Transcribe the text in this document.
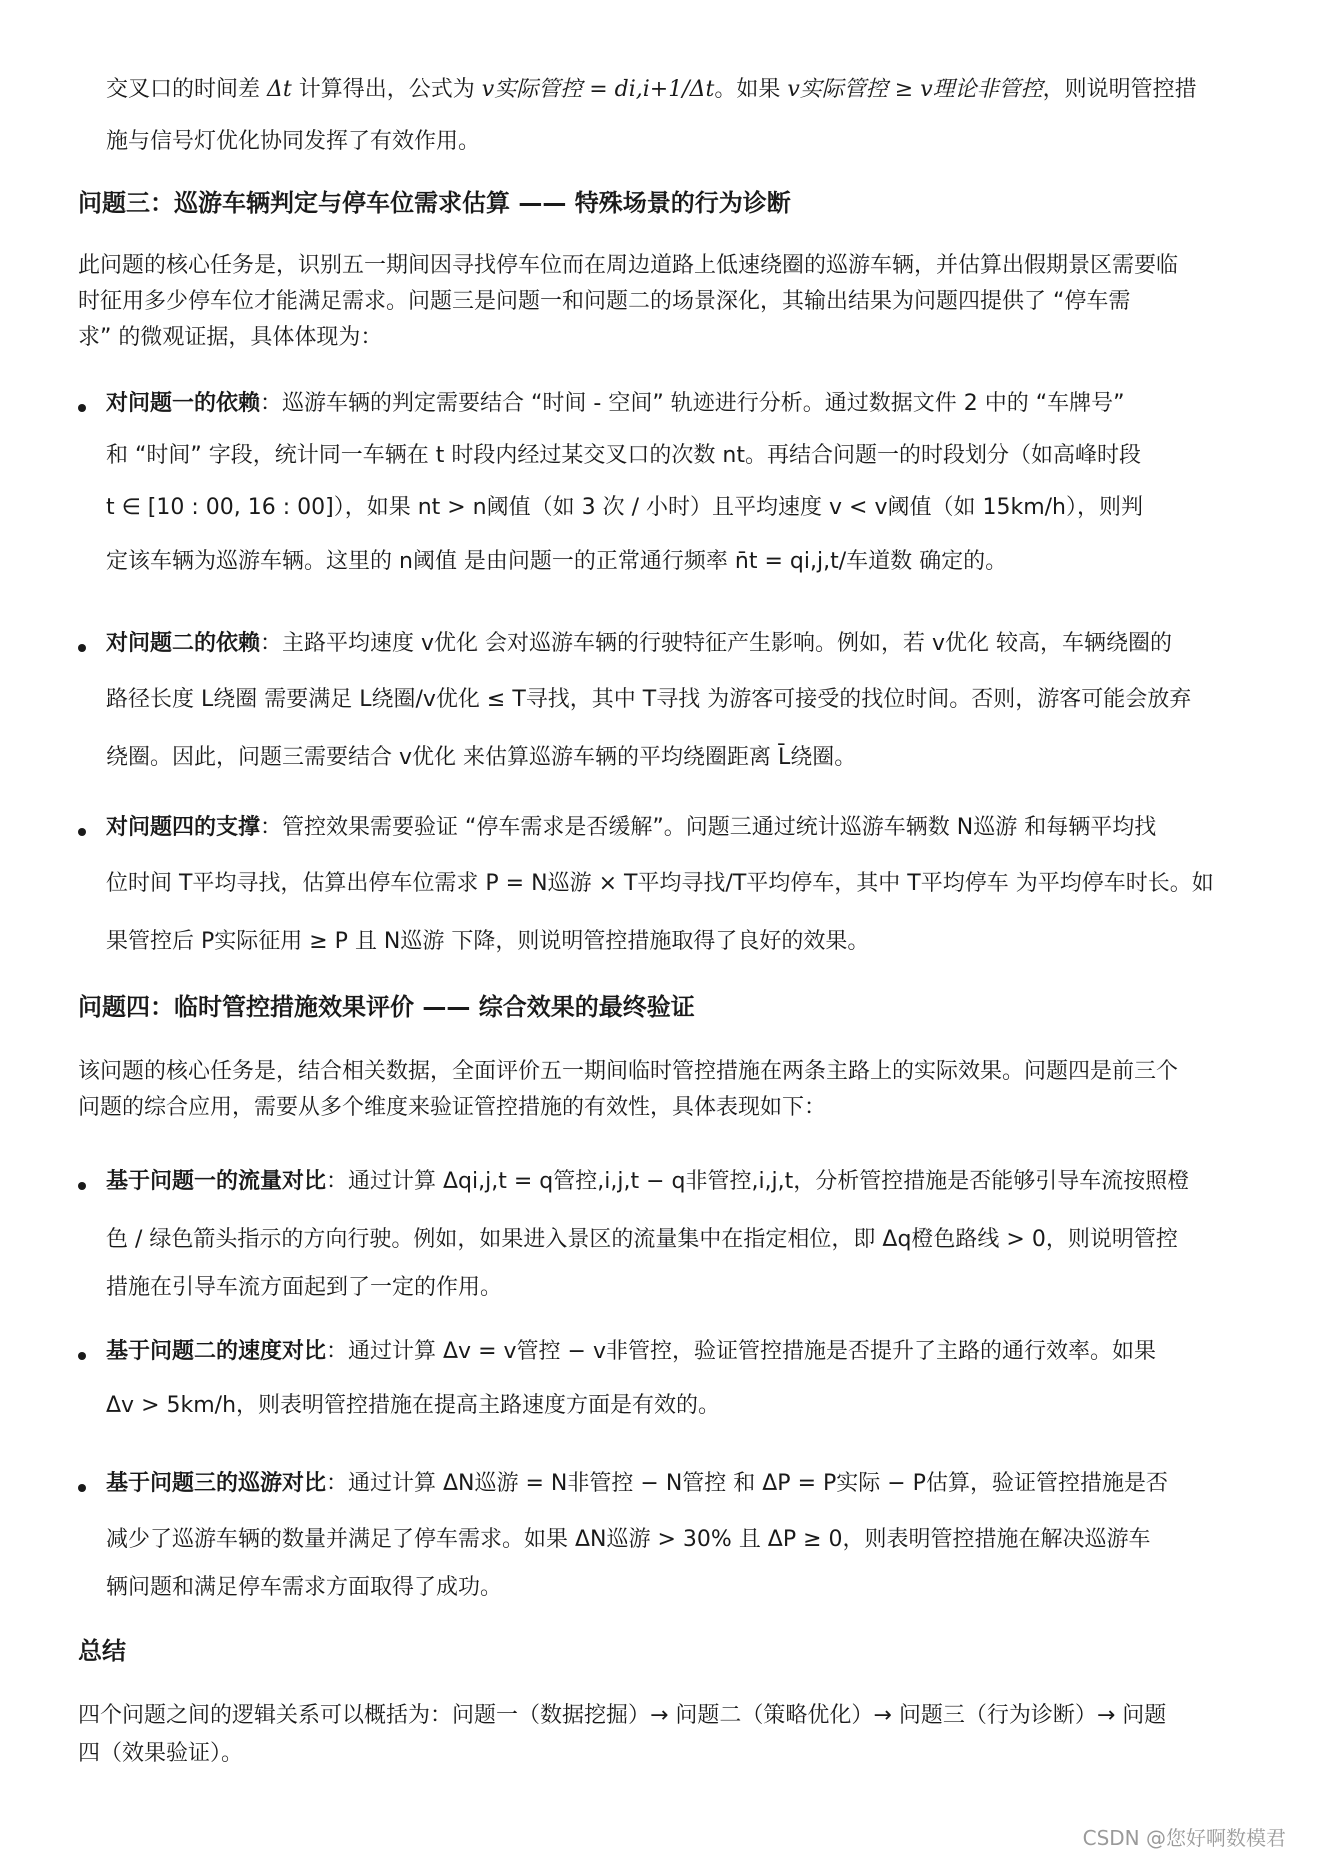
交叉口的时间差 Δt 计算得出，公式为 v实际管控 = di,i+1/Δt。如果 v实际管控 ≥ v理论非管控，则说明管控措

施与信号灯优化协同发挥了有效作用。

问题三：巡游车辆判定与停车位需求估算 —— 特殊场景的行为诊断

此问题的核心任务是，识别五一期间因寻找停车位而在周边道路上低速绕圈的巡游车辆，并估算出假期景区需要临

时征用多少停车位才能满足需求。问题三是问题一和问题二的场景深化，其输出结果为问题四提供了 “停车需

求” 的微观证据，具体体现为：

对问题一的依赖：巡游车辆的判定需要结合 “时间 - 空间” 轨迹进行分析。通过数据文件 2 中的 “车牌号”

和 “时间” 字段，统计同一车辆在 t 时段内经过某交叉口的次数 nt。再结合问题一的时段划分（如高峰时段

t ∈ [10 : 00, 16 : 00]），如果 nt > n阈值（如 3 次 / 小时）且平均速度 v < v阈值（如 15km/h），则判

定该车辆为巡游车辆。这里的 n阈值 是由问题一的正常通行频率 n̄t = qi,j,t/车道数 确定的。

对问题二的依赖：主路平均速度 v优化 会对巡游车辆的行驶特征产生影响。例如，若 v优化 较高，车辆绕圈的

路径长度 L绕圈 需要满足 L绕圈/v优化 ≤ T寻找，其中 T寻找 为游客可接受的找位时间。否则，游客可能会放弃

绕圈。因此，问题三需要结合 v优化 来估算巡游车辆的平均绕圈距离 L̄绕圈。

对问题四的支撑：管控效果需要验证 “停车需求是否缓解”。问题三通过统计巡游车辆数 N巡游 和每辆平均找

位时间 T平均寻找，估算出停车位需求 P = N巡游 × T平均寻找/T平均停车，其中 T平均停车 为平均停车时长。如

果管控后 P实际征用 ≥ P 且 N巡游 下降，则说明管控措施取得了良好的效果。

问题四：临时管控措施效果评价 —— 综合效果的最终验证

该问题的核心任务是，结合相关数据，全面评价五一期间临时管控措施在两条主路上的实际效果。问题四是前三个

问题的综合应用，需要从多个维度来验证管控措施的有效性，具体表现如下：

基于问题一的流量对比：通过计算 Δqi,j,t = q管控,i,j,t − q非管控,i,j,t，分析管控措施是否能够引导车流按照橙

色 / 绿色箭头指示的方向行驶。例如，如果进入景区的流量集中在指定相位，即 Δq橙色路线 > 0，则说明管控

措施在引导车流方面起到了一定的作用。

基于问题二的速度对比：通过计算 Δv = v管控 − v非管控，验证管控措施是否提升了主路的通行效率。如果

Δv > 5km/h，则表明管控措施在提高主路速度方面是有效的。

基于问题三的巡游对比：通过计算 ΔN巡游 = N非管控 − N管控 和 ΔP = P实际 − P估算，验证管控措施是否

减少了巡游车辆的数量并满足了停车需求。如果 ΔN巡游 > 30% 且 ΔP ≥ 0，则表明管控措施在解决巡游车

辆问题和满足停车需求方面取得了成功。

总结

四个问题之间的逻辑关系可以概括为：问题一（数据挖掘）→ 问题二（策略优化）→ 问题三（行为诊断）→ 问题

四（效果验证）。

CSDN @您好啊数模君
